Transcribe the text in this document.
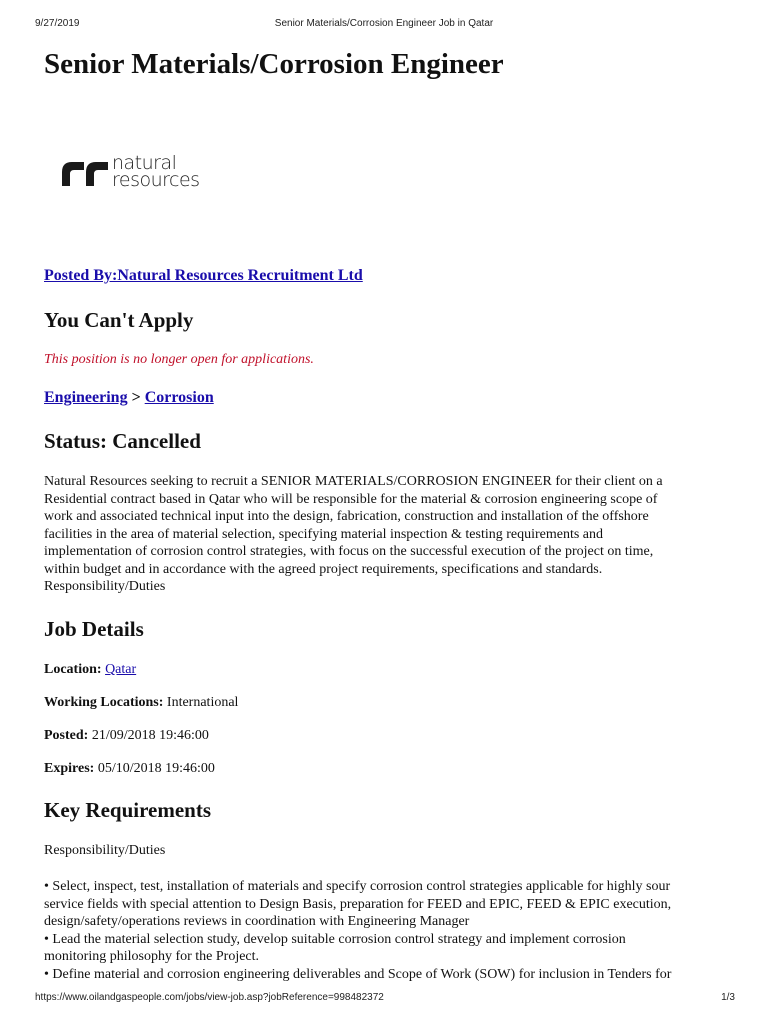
9/27/2019	Senior Materials/Corrosion Engineer Job in Qatar
Senior Materials/Corrosion Engineer
natural
resources
Posted By:Natural Resources Recruitment Ltd
You Can't Apply
This position is no longer open for applications.
Engineering > Corrosion
Status: Cancelled
Natural Resources seeking to recruit a SENIOR MATERIALS/CORROSION ENGINEER for their client on a
Residential contract based in Qatar who will be responsible for the material & corrosion engineering scope of
work and associated technical input into the design, fabrication, construction and installation of the offshore
facilities in the area of material selection, specifying material inspection & testing requirements and
implementation of corrosion control strategies, with focus on the successful execution of the project on time,
within budget and in accordance with the agreed project requirements, specifications and standards.
Responsibility/Duties
Job Details
Location: Qatar
Working Locations: International
Posted: 21/09/2018 19:46:00
Expires: 05/10/2018 19:46:00
Key Requirements
Responsibility/Duties
• Select, inspect, test, installation of materials and specify corrosion control strategies applicable for highly sour
service fields with special attention to Design Basis, preparation for FEED and EPIC, FEED & EPIC execution,
design/safety/operations reviews in coordination with Engineering Manager
• Lead the material selection study, develop suitable corrosion control strategy and implement corrosion
monitoring philosophy for the Project.
• Define material and corrosion engineering deliverables and Scope of Work (SOW) for inclusion in Tenders for
https://www.oilandgaspeople.com/jobs/view-job.asp?jobReference=998482372	1/3
